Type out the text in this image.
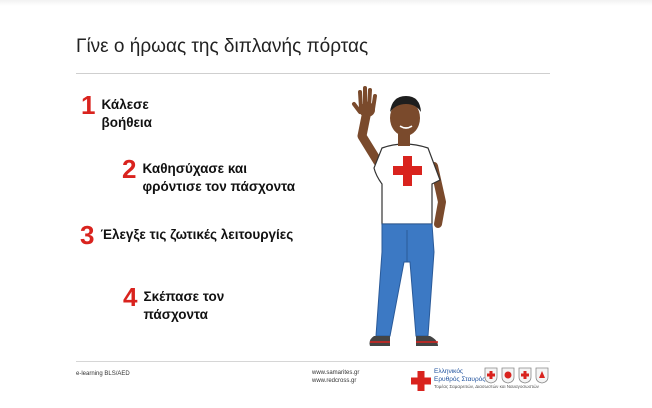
Γίνε ο ήρωας της διπλανής πόρτας
1 Κάλεσε
βοήθεια
2 Καθησύχασε και
φρόντισε τον πάσχοντα
3 Έλεγξε τις ζωτικές λειτουργίες
4 Σκέπασε τον
πάσχοντα
e-learning BLS/AED	www.samarites.gr
www.redcross.gr
Ελληνικός
Ερυθρός Σταυρός
Τομέας Σαμαρειτών, Διασωστών και Ναυαγοσωστών
